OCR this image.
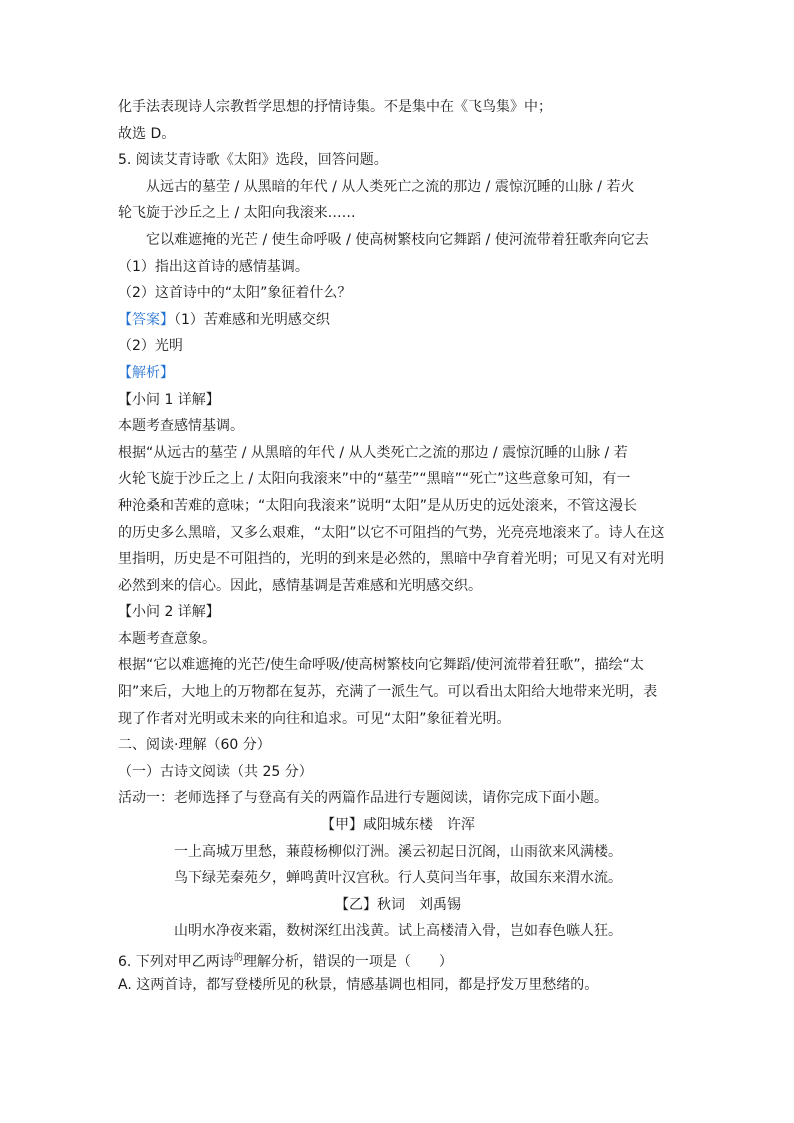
化手法表现诗人宗教哲学思想的抒情诗集。不是集中在《飞鸟集》中；
故选 D。
5. 阅读艾青诗歌《太阳》选段，回答问题。
从远古的墓茔 / 从黑暗的年代 / 从人类死亡之流的那边 / 震惊沉睡的山脉 / 若火
轮飞旋于沙丘之上 / 太阳向我滚来……
它以难遮掩的光芒 / 使生命呼吸 / 使高树繁枝向它舞蹈 / 使河流带着狂歌奔向它去
（1）指出这首诗的感情基调。
（2）这首诗中的“太阳”象征着什么？
【答案】（1）苦难感和光明感交织
（2）光明
【解析】
【小问 1 详解】
本题考查感情基调。
根据“从远古的墓茔 / 从黑暗的年代 / 从人类死亡之流的那边 / 震惊沉睡的山脉 / 若
火轮飞旋于沙丘之上 / 太阳向我滚来”中的“墓茔”“黑暗”“死亡”这些意象可知，有一
种沧桑和苦难的意味；“太阳向我滚来”说明“太阳”是从历史的远处滚来，不管这漫长
的历史多么黑暗，又多么艰难，“太阳”以它不可阻挡的气势，光亮亮地滚来了。诗人在这
里指明，历史是不可阻挡的，光明的到来是必然的，黑暗中孕育着光明；可见又有对光明
必然到来的信心。因此，感情基调是苦难感和光明感交织。
【小问 2 详解】
本题考查意象。
根据“它以难遮掩的光芒/使生命呼吸/使高树繁枝向它舞蹈/使河流带着狂歌”，描绘“太
阳”来后，大地上的万物都在复苏，充满了一派生气。可以看出太阳给大地带来光明，表
现了作者对光明或未来的向往和追求。可见“太阳”象征着光明。
二、阅读·理解（60 分）
（一）古诗文阅读（共 25 分）
活动一：老师选择了与登高有关的两篇作品进行专题阅读，请你完成下面小题。
【甲】咸阳城东楼　许浑
一上高城万里愁，蒹葭杨柳似汀洲。溪云初起日沉阁，山雨欲来风满楼。
鸟下绿芜秦苑夕，蝉鸣黄叶汉宫秋。行人莫问当年事，故国东来渭水流。
【乙】秋词　刘禹锡
山明水净夜来霜，数树深红出浅黄。试上高楼清入骨，岂如春色嗾人狂。
6. 下列对甲乙两诗$^的$理解分析，错误的一项是（　　）
A. 这两首诗，都写登楼所见的秋景，情感基调也相同，都是抒发万里愁绪的。
